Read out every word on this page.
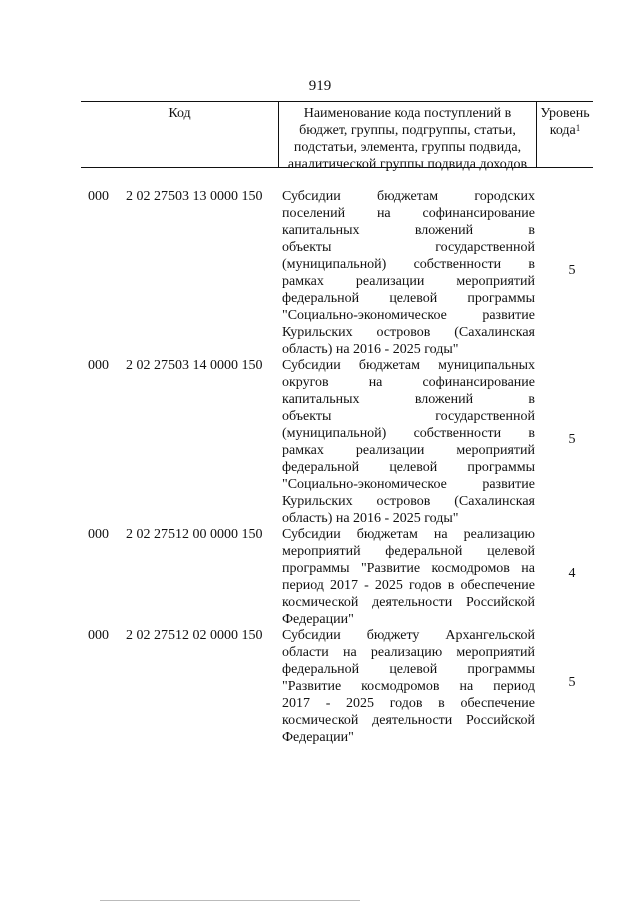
919
Код	Наименование кода поступлений в
бюджет, группы, подгруппы, статьи,
подстатьи, элемента, группы подвида,
аналитической группы подвида доходов
Уровень
кода$^1$
000 2 02 27503 13 0000 150 Субсидии бюджетам городских
поселений на софинансирование
капитальных вложений в
объекты государственной
(муниципальной) собственности в
рамках реализации мероприятий
федеральной целевой программы
"Социально-экономическое развитие
Курильских островов (Сахалинская
область) на 2016 - 2025 годы"
5
000 2 02 27503 14 0000 150 Субсидии бюджетам муниципальных
округов на софинансирование
капитальных вложений в
объекты государственной
(муниципальной) собственности в
рамках реализации мероприятий
федеральной целевой программы
"Социально-экономическое развитие
Курильских островов (Сахалинская
область) на 2016 - 2025 годы"
5
000 2 02 27512 00 0000 150 Субсидии бюджетам на реализацию
мероприятий федеральной целевой
программы "Развитие космодромов на
период 2017 - 2025 годов в обеспечение
космической деятельности Российской
Федерации"
4
000 2 02 27512 02 0000 150 Субсидии бюджету Архангельской
области на реализацию мероприятий
федеральной целевой программы
"Развитие космодромов на период
2017 - 2025 годов в обеспечение
космической деятельности Российской
Федерации"
5
